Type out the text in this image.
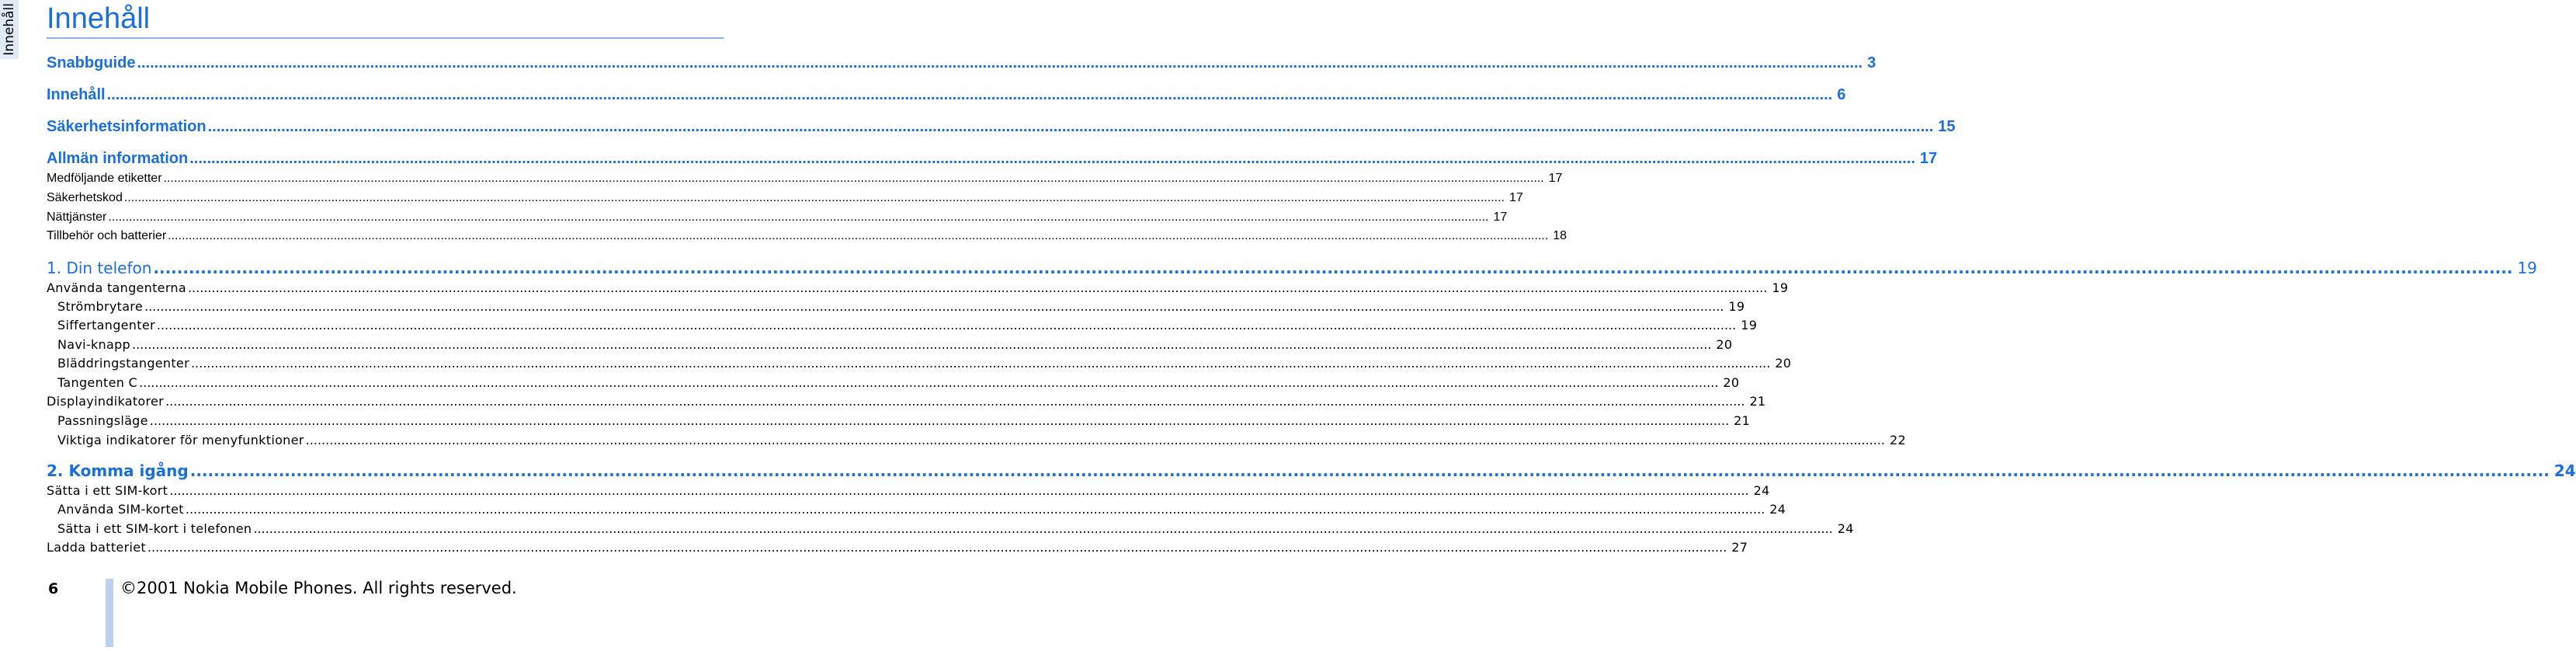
Innehåll Innehåll
Snabbguide ................................................................................................................................................................................................................................................................................................................................................................................................................ 3
Innehåll ................................................................................................................................................................................................................................................................................................................................................................................................................ 6
Säkerhetsinformation ................................................................................................................................................................................................................................................................................................................................................................................................................ 15
Allmän information ................................................................................................................................................................................................................................................................................................................................................................................................................ 17
Medföljande etiketter ................................................................................................................................................................................................................................................................................................................................................................................................................ 17
Säkerhetskod ................................................................................................................................................................................................................................................................................................................................................................................................................ 17
Nättjänster ................................................................................................................................................................................................................................................................................................................................................................................................................ 17
Tillbehör och batterier ................................................................................................................................................................................................................................................................................................................................................................................................................ 18
1. Din telefon ................................................................................................................................................................................................................................................................................................................................................................................................................ 19
Använda tangenterna ................................................................................................................................................................................................................................................................................................................................................................................................................ 19
Strömbrytare ................................................................................................................................................................................................................................................................................................................................................................................................................ 19
Siffertangenter ................................................................................................................................................................................................................................................................................................................................................................................................................ 19
Navi-knapp ................................................................................................................................................................................................................................................................................................................................................................................................................ 20
Bläddringstangenter ................................................................................................................................................................................................................................................................................................................................................................................................................ 20
Tangenten C ................................................................................................................................................................................................................................................................................................................................................................................................................ 20
Displayindikatorer ................................................................................................................................................................................................................................................................................................................................................................................................................ 21
Passningsläge ................................................................................................................................................................................................................................................................................................................................................................................................................ 21
Viktiga indikatorer för menyfunktioner ................................................................................................................................................................................................................................................................................................................................................................................................................ 22
2. Komma igång ................................................................................................................................................................................................................................................................................................................................................................................................................ 24
Sätta i ett SIM-kort ................................................................................................................................................................................................................................................................................................................................................................................................................ 24
Använda SIM-kortet ................................................................................................................................................................................................................................................................................................................................................................................................................ 24
Sätta i ett SIM-kort i telefonen ................................................................................................................................................................................................................................................................................................................................................................................................................ 24
Ladda batteriet ................................................................................................................................................................................................................................................................................................................................................................................................................ 27
6	©2001 Nokia Mobile Phones. All rights reserved.
